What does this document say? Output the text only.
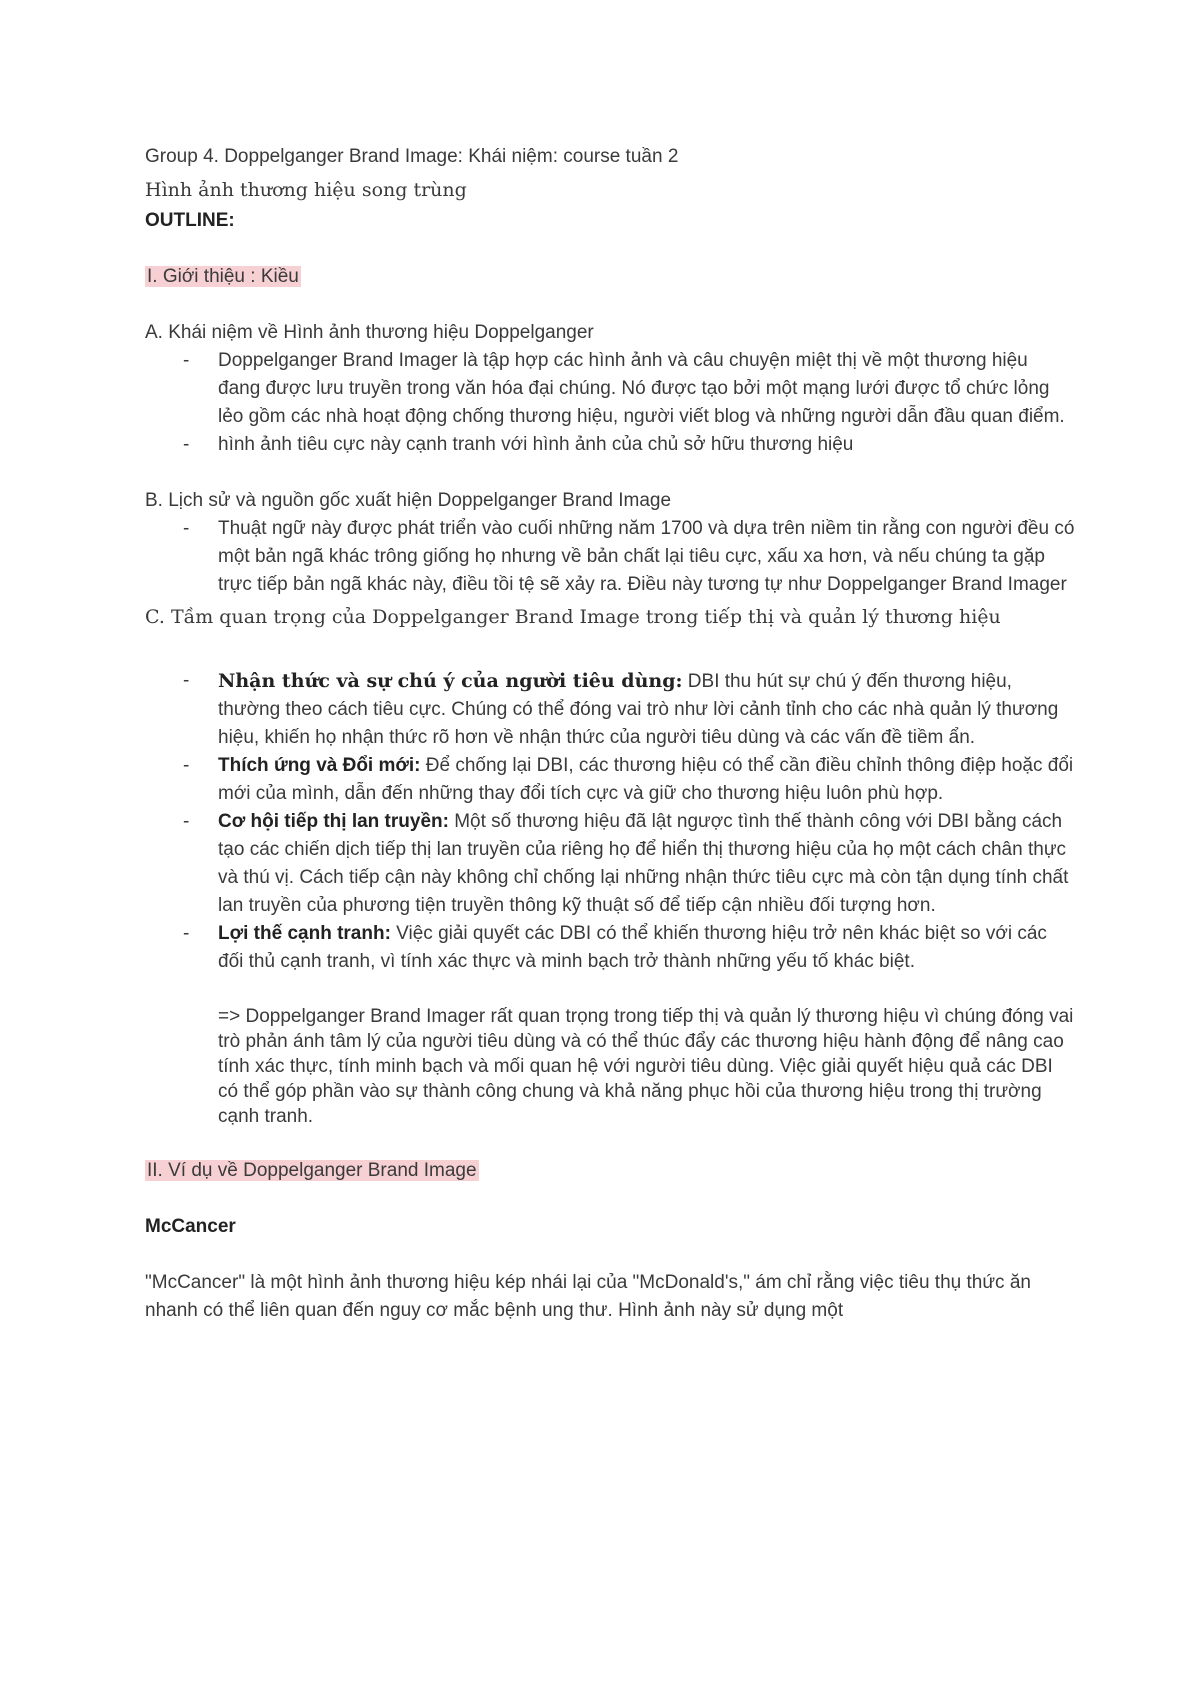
Group 4. Doppelganger Brand Image: Khái niệm: course tuần 2

Hình ảnh thương hiệu song trùng

OUTLINE:

I. Giới thiệu : Kiều

A. Khái niệm về Hình ảnh thương hiệu Doppelganger

- Doppelganger Brand Imager là tập hợp các hình ảnh và câu chuyện miệt thị về một thương hiệu đang được lưu truyền trong văn hóa đại chúng. Nó được tạo bởi một mạng lưới được tổ chức lỏng lẻo gồm các nhà hoạt động chống thương hiệu, người viết blog và những người dẫn đầu quan điểm.
- hình ảnh tiêu cực này cạnh tranh với hình ảnh của chủ sở hữu thương hiệu

B. Lịch sử và nguồn gốc xuất hiện Doppelganger Brand Image

- Thuật ngữ này được phát triển vào cuối những năm 1700 và dựa trên niềm tin rằng con người đều có một bản ngã khác trông giống họ nhưng về bản chất lại tiêu cực, xấu xa hơn, và nếu chúng ta gặp trực tiếp bản ngã khác này, điều tồi tệ sẽ xảy ra. Điều này tương tự như Doppelganger Brand Imager

C. Tầm quan trọng của Doppelganger Brand Image trong tiếp thị và quản lý thương hiệu

- Nhận thức và sự chú ý của người tiêu dùng: DBI thu hút sự chú ý đến thương hiệu, thường theo cách tiêu cực. Chúng có thể đóng vai trò như lời cảnh tỉnh cho các nhà quản lý thương hiệu, khiến họ nhận thức rõ hơn về nhận thức của người tiêu dùng và các vấn đề tiềm ẩn.
- Thích ứng và Đổi mới: Để chống lại DBI, các thương hiệu có thể cần điều chỉnh thông điệp hoặc đổi mới của mình, dẫn đến những thay đổi tích cực và giữ cho thương hiệu luôn phù hợp.
- Cơ hội tiếp thị lan truyền: Một số thương hiệu đã lật ngược tình thế thành công với DBI bằng cách tạo các chiến dịch tiếp thị lan truyền của riêng họ để hiển thị thương hiệu của họ một cách chân thực và thú vị. Cách tiếp cận này không chỉ chống lại những nhận thức tiêu cực mà còn tận dụng tính chất lan truyền của phương tiện truyền thông kỹ thuật số để tiếp cận nhiều đối tượng hơn.
- Lợi thế cạnh tranh: Việc giải quyết các DBI có thể khiến thương hiệu trở nên khác biệt so với các đối thủ cạnh tranh, vì tính xác thực và minh bạch trở thành những yếu tố khác biệt.

=> Doppelganger Brand Imager rất quan trọng trong tiếp thị và quản lý thương hiệu vì chúng đóng vai trò phản ánh tâm lý của người tiêu dùng và có thể thúc đẩy các thương hiệu hành động để nâng cao tính xác thực, tính minh bạch và mối quan hệ với người tiêu dùng. Việc giải quyết hiệu quả các DBI có thể góp phần vào sự thành công chung và khả năng phục hồi của thương hiệu trong thị trường cạnh tranh.

II. Ví dụ về Doppelganger Brand Image

McCancer

"McCancer" là một hình ảnh thương hiệu kép nhái lại của "McDonald's," ám chỉ rằng việc tiêu thụ thức ăn nhanh có thể liên quan đến nguy cơ mắc bệnh ung thư. Hình ảnh này sử dụng một
